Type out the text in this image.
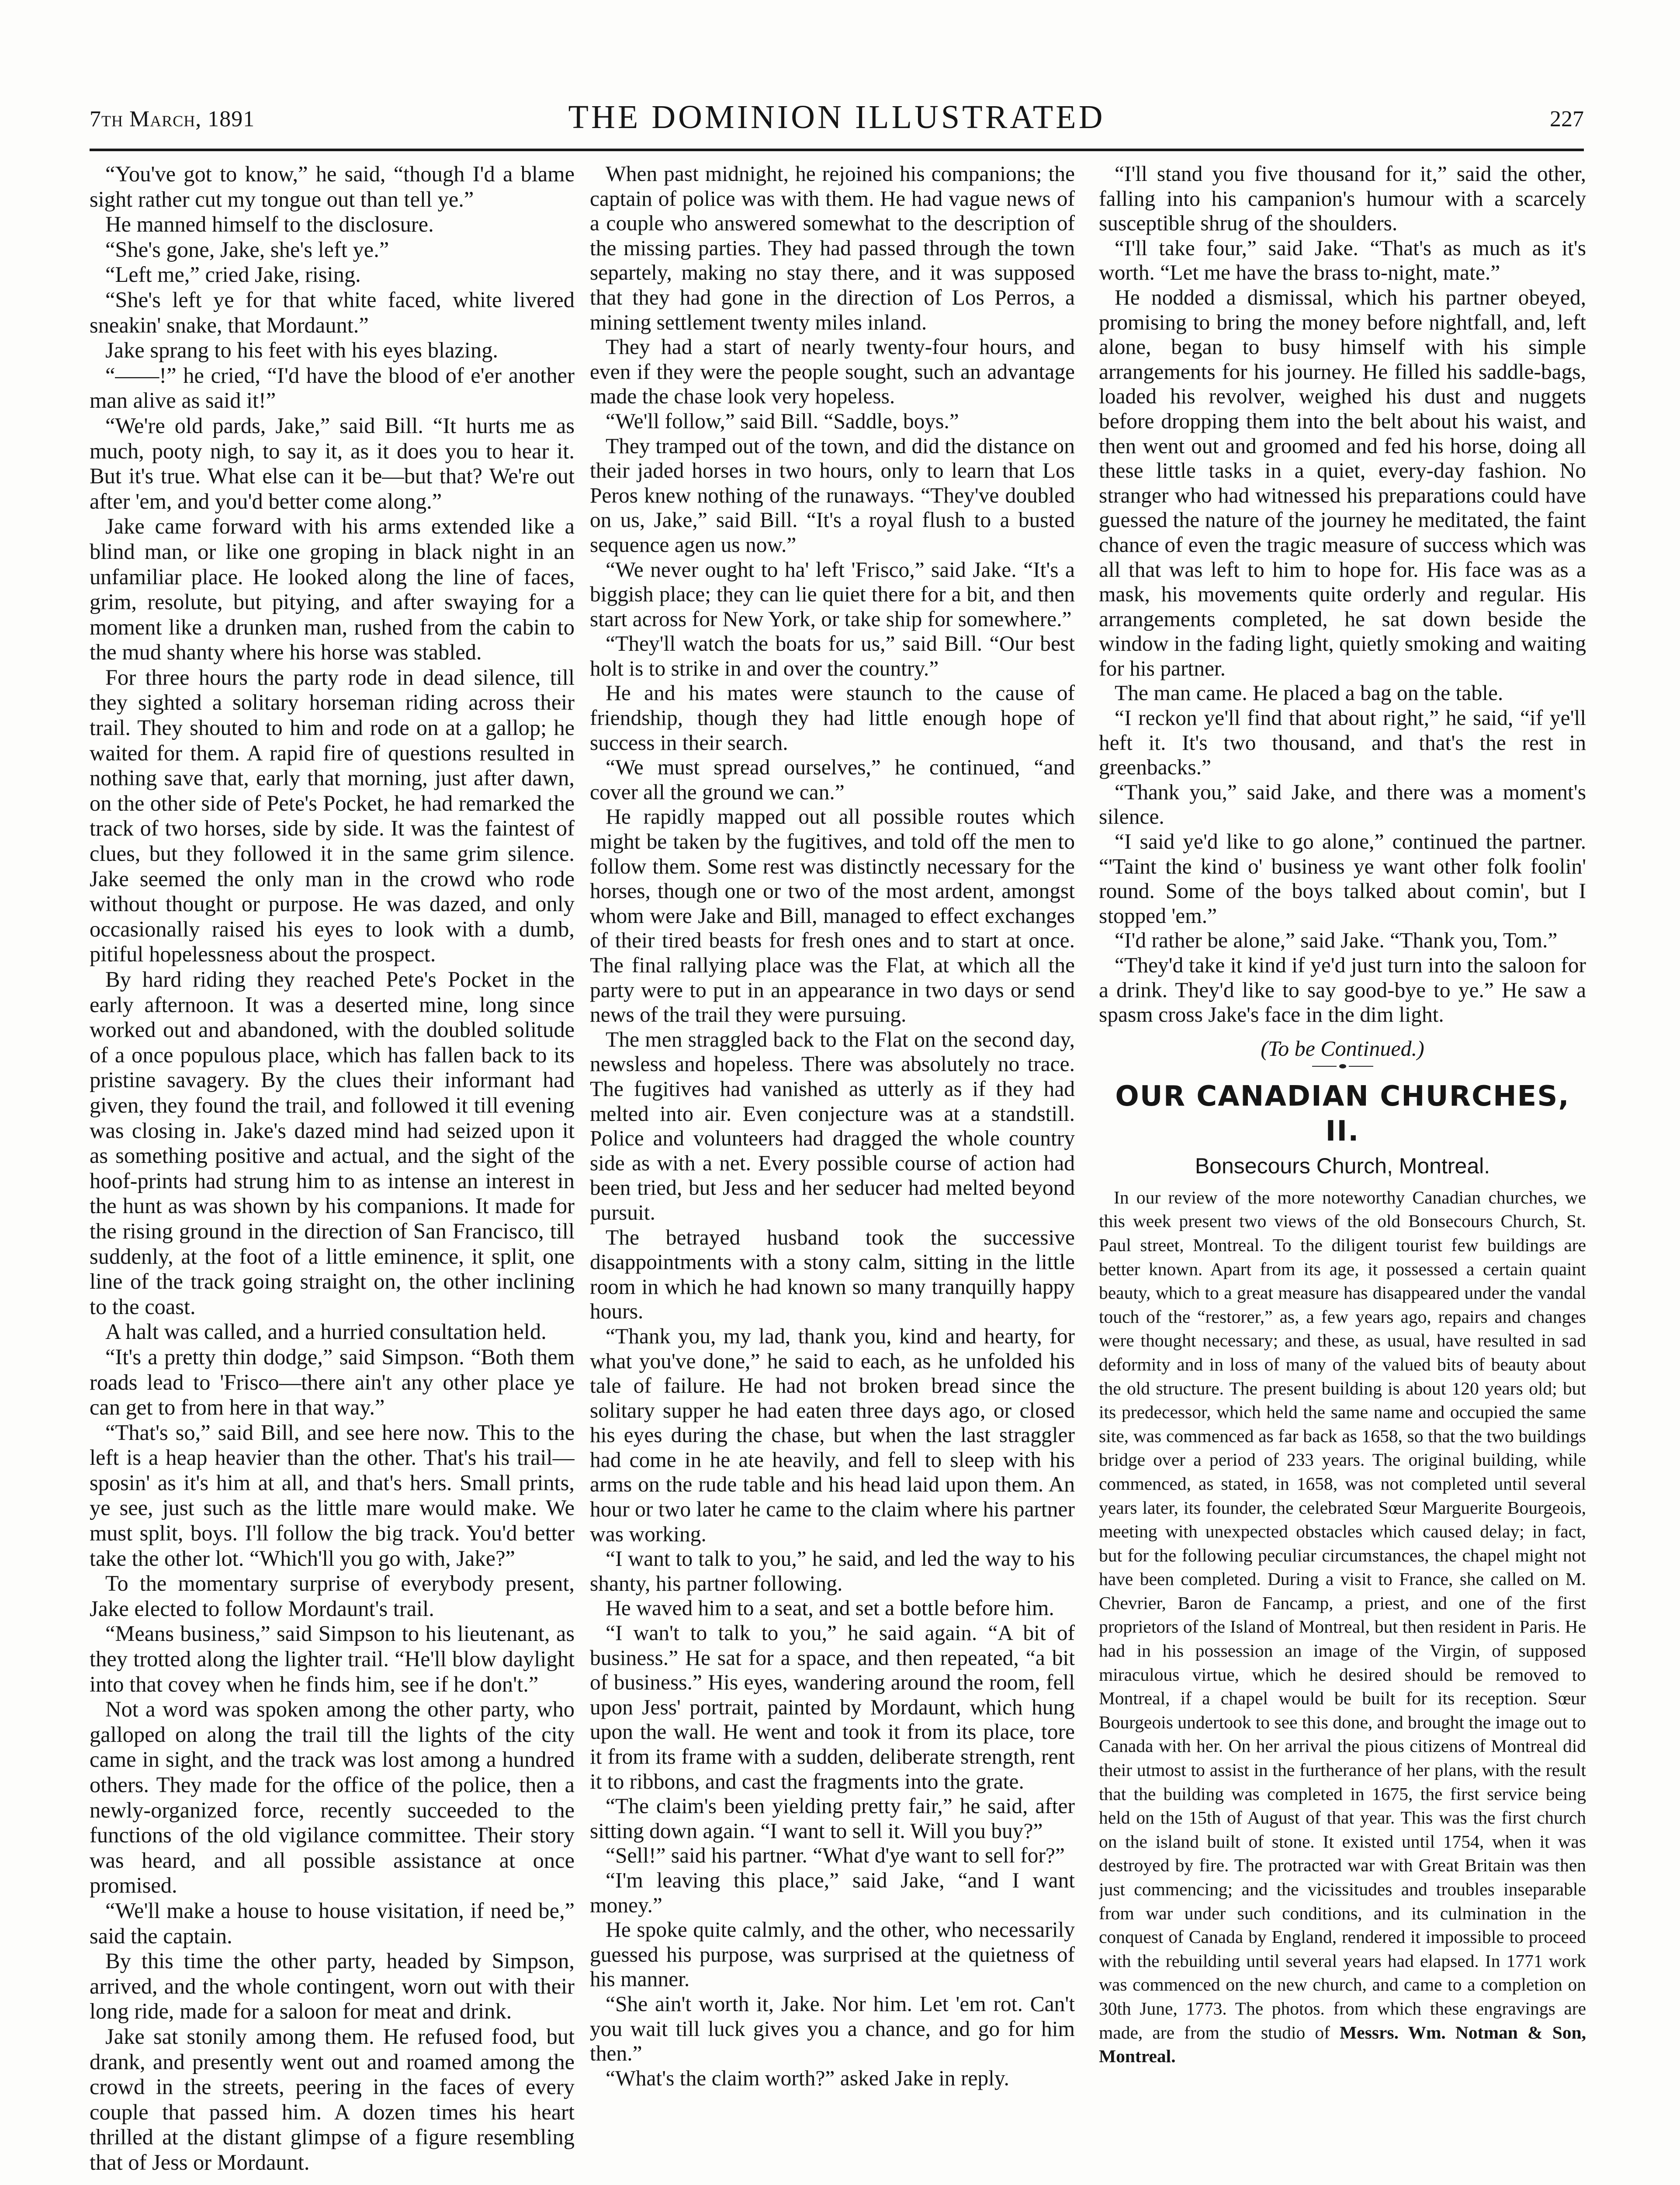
7th March, 1891	THE DOMINION ILLUSTRATED	227

“You've got to know,” he said, “though I'd a blame sight rather cut my tongue out than tell ye.”

He manned himself to the disclosure.

“She's gone, Jake, she's left ye.”

“Left me,” cried Jake, rising.

“She's left ye for that white faced, white livered sneakin' snake, that Mordaunt.”

Jake sprang to his feet with his eyes blazing.

“——!” he cried, “I'd have the blood of e'er another man alive as said it!”

“We're old pards, Jake,” said Bill. “It hurts me as much, pooty nigh, to say it, as it does you to hear it. But it's true. What else can it be—but that? We're out after 'em, and you'd better come along.”

Jake came forward with his arms extended like a blind man, or like one groping in black night in an unfamiliar place. He looked along the line of faces, grim, resolute, but pitying, and after swaying for a moment like a drunken man, rushed from the cabin to the mud shanty where his horse was stabled.

For three hours the party rode in dead silence, till they sighted a solitary horseman riding across their trail. They shouted to him and rode on at a gallop; he waited for them. A rapid fire of questions resulted in nothing save that, early that morning, just after dawn, on the other side of Pete's Pocket, he had remarked the track of two horses, side by side. It was the faintest of clues, but they followed it in the same grim silence. Jake seemed the only man in the crowd who rode without thought or purpose. He was dazed, and only occasionally raised his eyes to look with a dumb, pitiful hopelessness about the prospect.

By hard riding they reached Pete's Pocket in the early afternoon. It was a deserted mine, long since worked out and abandoned, with the doubled solitude of a once populous place, which has fallen back to its pristine savagery. By the clues their informant had given, they found the trail, and followed it till evening was closing in. Jake's dazed mind had seized upon it as something positive and actual, and the sight of the hoof-prints had strung him to as intense an interest in the hunt as was shown by his companions. It made for the rising ground in the direction of San Francisco, till suddenly, at the foot of a little eminence, it split, one line of the track going straight on, the other inclining to the coast.

A halt was called, and a hurried consultation held.

“It's a pretty thin dodge,” said Simpson. “Both them roads lead to 'Frisco—there ain't any other place ye can get to from here in that way.”

“That's so,” said Bill, and see here now. This to the left is a heap heavier than the other. That's his trail—sposin' as it's him at all, and that's hers. Small prints, ye see, just such as the little mare would make. We must split, boys. I'll follow the big track. You'd better take the other lot. “Which'll you go with, Jake?”

To the momentary surprise of everybody present, Jake elected to follow Mordaunt's trail.

“Means business,” said Simpson to his lieutenant, as they trotted along the lighter trail. “He'll blow daylight into that covey when he finds him, see if he don't.”

Not a word was spoken among the other party, who galloped on along the trail till the lights of the city came in sight, and the track was lost among a hundred others. They made for the office of the police, then a newly-organized force, recently succeeded to the functions of the old vigilance committee. Their story was heard, and all possible assistance at once promised.

“We'll make a house to house visitation, if need be,” said the captain.

By this time the other party, headed by Simpson, arrived, and the whole contingent, worn out with their long ride, made for a saloon for meat and drink.

Jake sat stonily among them. He refused food, but drank, and presently went out and roamed among the crowd in the streets, peering in the faces of every couple that passed him. A dozen times his heart thrilled at the distant glimpse of a figure resembling that of Jess or Mordaunt.

When past midnight, he rejoined his companions; the captain of police was with them. He had vague news of a couple who answered somewhat to the description of the missing parties. They had passed through the town separtely, making no stay there, and it was supposed that they had gone in the direction of Los Perros, a mining settlement twenty miles inland.

They had a start of nearly twenty-four hours, and even if they were the people sought, such an advantage made the chase look very hopeless.

“We'll follow,” said Bill. “Saddle, boys.”

They tramped out of the town, and did the distance on their jaded horses in two hours, only to learn that Los Peros knew nothing of the runaways. “They've doubled on us, Jake,” said Bill. “It's a royal flush to a busted sequence agen us now.”

“We never ought to ha' left 'Frisco,” said Jake. “It's a biggish place; they can lie quiet there for a bit, and then start across for New York, or take ship for somewhere.”

“They'll watch the boats for us,” said Bill. “Our best holt is to strike in and over the country.”

He and his mates were staunch to the cause of friendship, though they had little enough hope of success in their search.

“We must spread ourselves,” he continued, “and cover all the ground we can.”

He rapidly mapped out all possible routes which might be taken by the fugitives, and told off the men to follow them. Some rest was distinctly necessary for the horses, though one or two of the most ardent, amongst whom were Jake and Bill, managed to effect exchanges of their tired beasts for fresh ones and to start at once. The final rallying place was the Flat, at which all the party were to put in an appearance in two days or send news of the trail they were pursuing.

The men straggled back to the Flat on the second day, newsless and hopeless. There was absolutely no trace. The fugitives had vanished as utterly as if they had melted into air. Even conjecture was at a standstill. Police and volunteers had dragged the whole country side as with a net. Every possible course of action had been tried, but Jess and her seducer had melted beyond pursuit.

The betrayed husband took the successive disappointments with a stony calm, sitting in the little room in which he had known so many tranquilly happy hours.

“Thank you, my lad, thank you, kind and hearty, for what you've done,” he said to each, as he unfolded his tale of failure. He had not broken bread since the solitary supper he had eaten three days ago, or closed his eyes during the chase, but when the last straggler had come in he ate heavily, and fell to sleep with his arms on the rude table and his head laid upon them. An hour or two later he came to the claim where his partner was working.

“I want to talk to you,” he said, and led the way to his shanty, his partner following.

He waved him to a seat, and set a bottle before him.

“I wan't to talk to you,” he said again. “A bit of business.” He sat for a space, and then repeated, “a bit of business.” His eyes, wandering around the room, fell upon Jess' portrait, painted by Mordaunt, which hung upon the wall. He went and took it from its place, tore it from its frame with a sudden, deliberate strength, rent it to ribbons, and cast the fragments into the grate.

“The claim's been yielding pretty fair,” he said, after sitting down again. “I want to sell it. Will you buy?”

“Sell!” said his partner. “What d'ye want to sell for?”

“I'm leaving this place,” said Jake, “and I want money.”

He spoke quite calmly, and the other, who necessarily guessed his purpose, was surprised at the quietness of his manner.

“She ain't worth it, Jake. Nor him. Let 'em rot. Can't you wait till luck gives you a chance, and go for him then.”

“What's the claim worth?” asked Jake in reply.

“I'll stand you five thousand for it,” said the other, falling into his campanion's humour with a scarcely susceptible shrug of the shoulders.

“I'll take four,” said Jake. “That's as much as it's worth. “Let me have the brass to-night, mate.”

He nodded a dismissal, which his partner obeyed, promising to bring the money before nightfall, and, left alone, began to busy himself with his simple arrangements for his journey. He filled his saddle-bags, loaded his revolver, weighed his dust and nuggets before dropping them into the belt about his waist, and then went out and groomed and fed his horse, doing all these little tasks in a quiet, every-day fashion. No stranger who had witnessed his preparations could have guessed the nature of the journey he meditated, the faint chance of even the tragic measure of success which was all that was left to him to hope for. His face was as a mask, his movements quite orderly and regular. His arrangements completed, he sat down beside the window in the fading light, quietly smoking and waiting for his partner.

The man came. He placed a bag on the table.

“I reckon ye'll find that about right,” he said, “if ye'll heft it. It's two thousand, and that's the rest in greenbacks.”

“Thank you,” said Jake, and there was a moment's silence.

“I said ye'd like to go alone,” continued the partner. “'Taint the kind o' business ye want other folk foolin' round. Some of the boys talked about comin', but I stopped 'em.”

“I'd rather be alone,” said Jake. “Thank you, Tom.”

“They'd take it kind if ye'd just turn into the saloon for a drink. They'd like to say good-bye to ye.” He saw a spasm cross Jake's face in the dim light.

(To be Continued.)

OUR CANADIAN CHURCHES, II.
Bonsecours Church, Montreal.

In our review of the more noteworthy Canadian churches, we this week present two views of the old Bonsecours Church, St. Paul street, Montreal. To the diligent tourist few buildings are better known. Apart from its age, it possessed a certain quaint beauty, which to a great measure has disappeared under the vandal touch of the “restorer,” as, a few years ago, repairs and changes were thought necessary; and these, as usual, have resulted in sad deformity and in loss of many of the valued bits of beauty about the old structure. The present building is about 120 years old; but its predecessor, which held the same name and occupied the same site, was commenced as far back as 1658, so that the two buildings bridge over a period of 233 years. The original building, while commenced, as stated, in 1658, was not completed until several years later, its founder, the celebrated Sœur Marguerite Bourgeois, meeting with unexpected obstacles which caused delay; in fact, but for the following peculiar circumstances, the chapel might not have been completed. During a visit to France, she called on M. Chevrier, Baron de Fancamp, a priest, and one of the first proprietors of the Island of Montreal, but then resident in Paris. He had in his possession an image of the Virgin, of supposed miraculous virtue, which he desired should be removed to Montreal, if a chapel would be built for its reception. Sœur Bourgeois undertook to see this done, and brought the image out to Canada with her. On her arrival the pious citizens of Montreal did their utmost to assist in the furtherance of her plans, with the result that the building was completed in 1675, the first service being held on the 15th of August of that year. This was the first church on the island built of stone. It existed until 1754, when it was destroyed by fire. The protracted war with Great Britain was then just commencing; and the vicissitudes and troubles inseparable from war under such conditions, and its culmination in the conquest of Canada by England, rendered it impossible to proceed with the rebuilding until several years had elapsed. In 1771 work was commenced on the new church, and came to a completion on 30th June, 1773. The photos. from which these engravings are made, are from the studio of Messrs. Wm. Notman & Son, Montreal.
